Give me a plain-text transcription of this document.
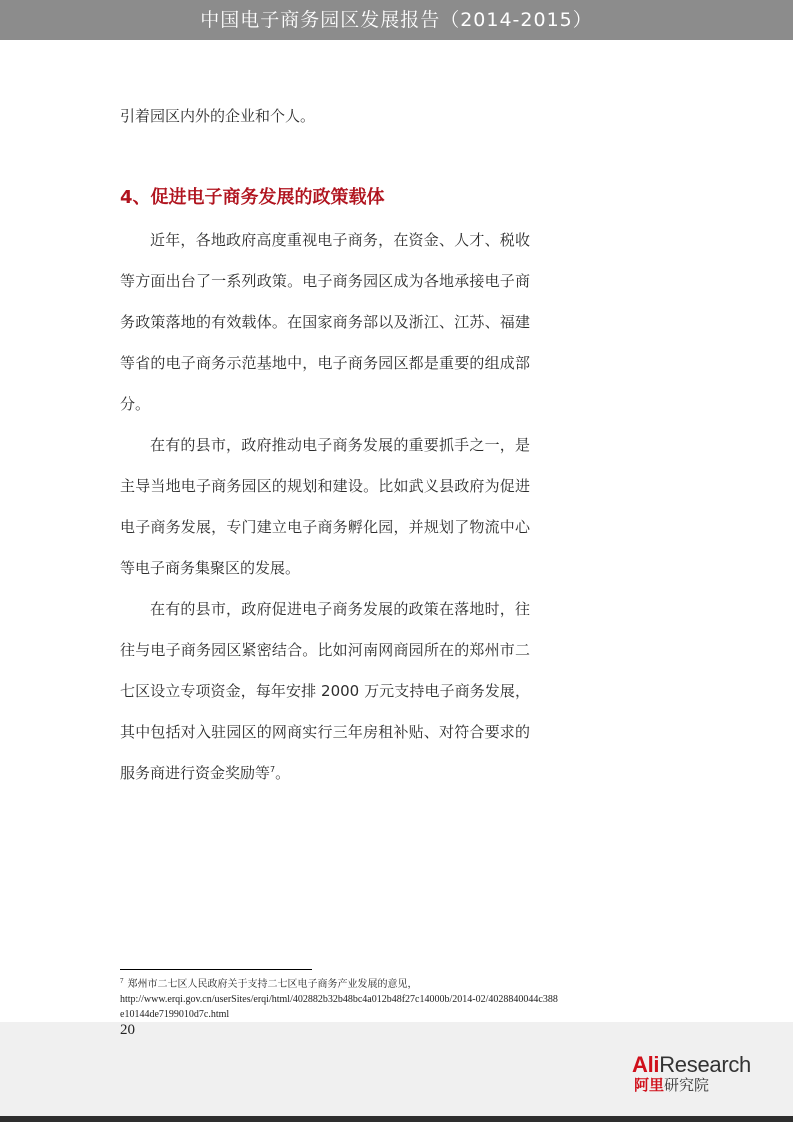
中国电子商务园区发展报告（2014-2015）

引着园区内外的企业和个人。

4、促进电子商务发展的政策载体

近年，各地政府高度重视电子商务，在资金、人才、税收等方面出台了一系列政策。电子商务园区成为各地承接电子商务政策落地的有效载体。在国家商务部以及浙江、江苏、福建等省的电子商务示范基地中，电子商务园区都是重要的组成部分。

在有的县市，政府推动电子商务发展的重要抓手之一，是主导当地电子商务园区的规划和建设。比如武义县政府为促进电子商务发展，专门建立电子商务孵化园，并规划了物流中心等电子商务集聚区的发展。

在有的县市，政府促进电子商务发展的政策在落地时，往往与电子商务园区紧密结合。比如河南网商园所在的郑州市二七区设立专项资金，每年安排 2000 万元支持电子商务发展，其中包括对入驻园区的网商实行三年房租补贴、对符合要求的服务商进行资金奖励等$^7$。

$^7$ 郑州市二七区人民政府关于支持二七区电子商务产业发展的意见，
http://www.erqi.gov.cn/userSites/erqi/html/402882b32b48bc4a012b48f27c14000b/2014-02/4028840044c388e10144de7199010d7c.html
20
AliResearch
阿里研究院
